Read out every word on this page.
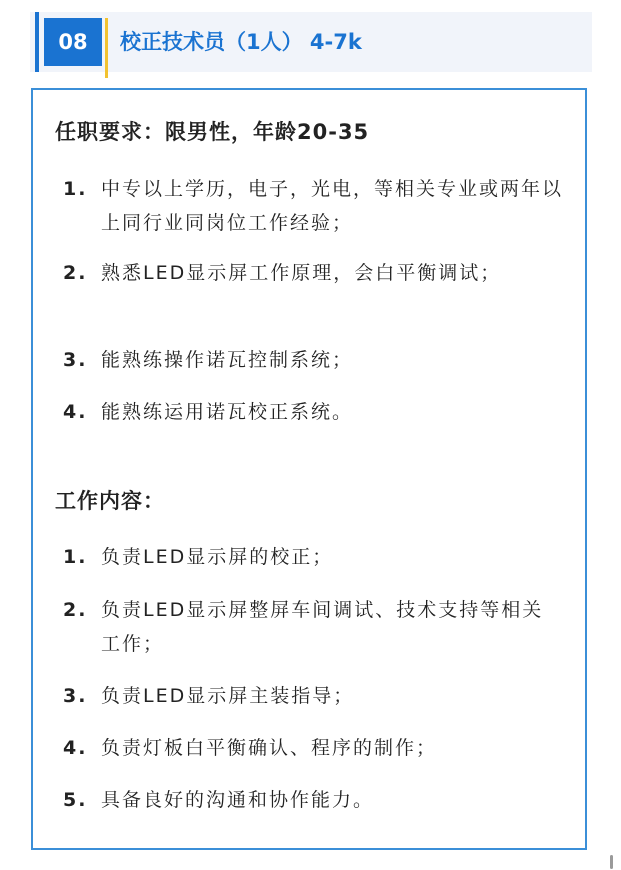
08	校正技术员（1人） 4-7k
任职要求：限男性，年龄20-35
1. 中专以上学历，电子，光电，等相关专业或两年以上同行业同岗位工作经验；
2. 熟悉LED显示屏工作原理，会白平衡调试；
3. 能熟练操作诺瓦控制系统；
4. 能熟练运用诺瓦校正系统。
工作内容：
1. 负责LED显示屏的校正；
2. 负责LED显示屏整屏车间调试、技术支持等相关工作；
3. 负责LED显示屏主装指导；
4. 负责灯板白平衡确认、程序的制作；
5. 具备良好的沟通和协作能力。
